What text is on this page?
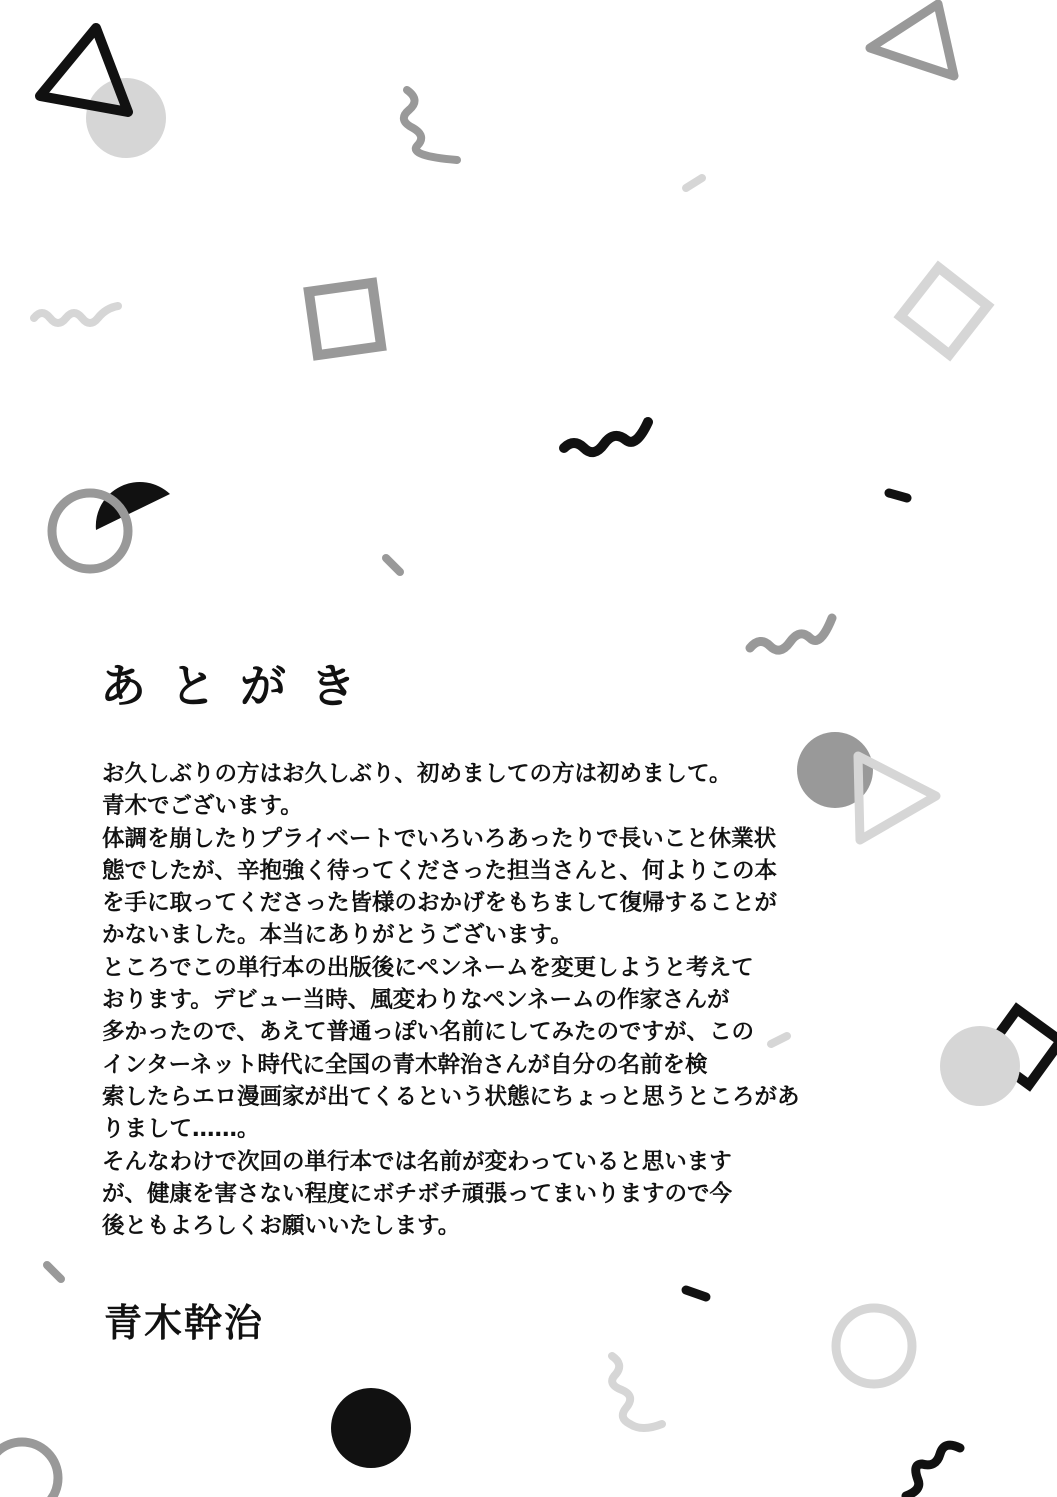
あとがき
お久しぶりの方はお久しぶり、初めましての方は初めまして。
青木でございます。
体調を崩したりプライベートでいろいろあったりで長いこと休業状
態でしたが、辛抱強く待ってくださった担当さんと、何よりこの本
を手に取ってくださった皆様のおかげをもちまして復帰することが
かないました。本当にありがとうございます。
ところでこの単行本の出版後にペンネームを変更しようと考えて
おります。デビュー当時、風変わりなペンネームの作家さんが
多かったので、あえて普通っぽい名前にしてみたのですが、この
インターネット時代に全国の青木幹治さんが自分の名前を検
索したらエロ漫画家が出てくるという状態にちょっと思うところがあ
りまして……。
そんなわけで次回の単行本では名前が変わっていると思います
が、健康を害さない程度にボチボチ頑張ってまいりますので今
後ともよろしくお願いいたします。
青木幹治
